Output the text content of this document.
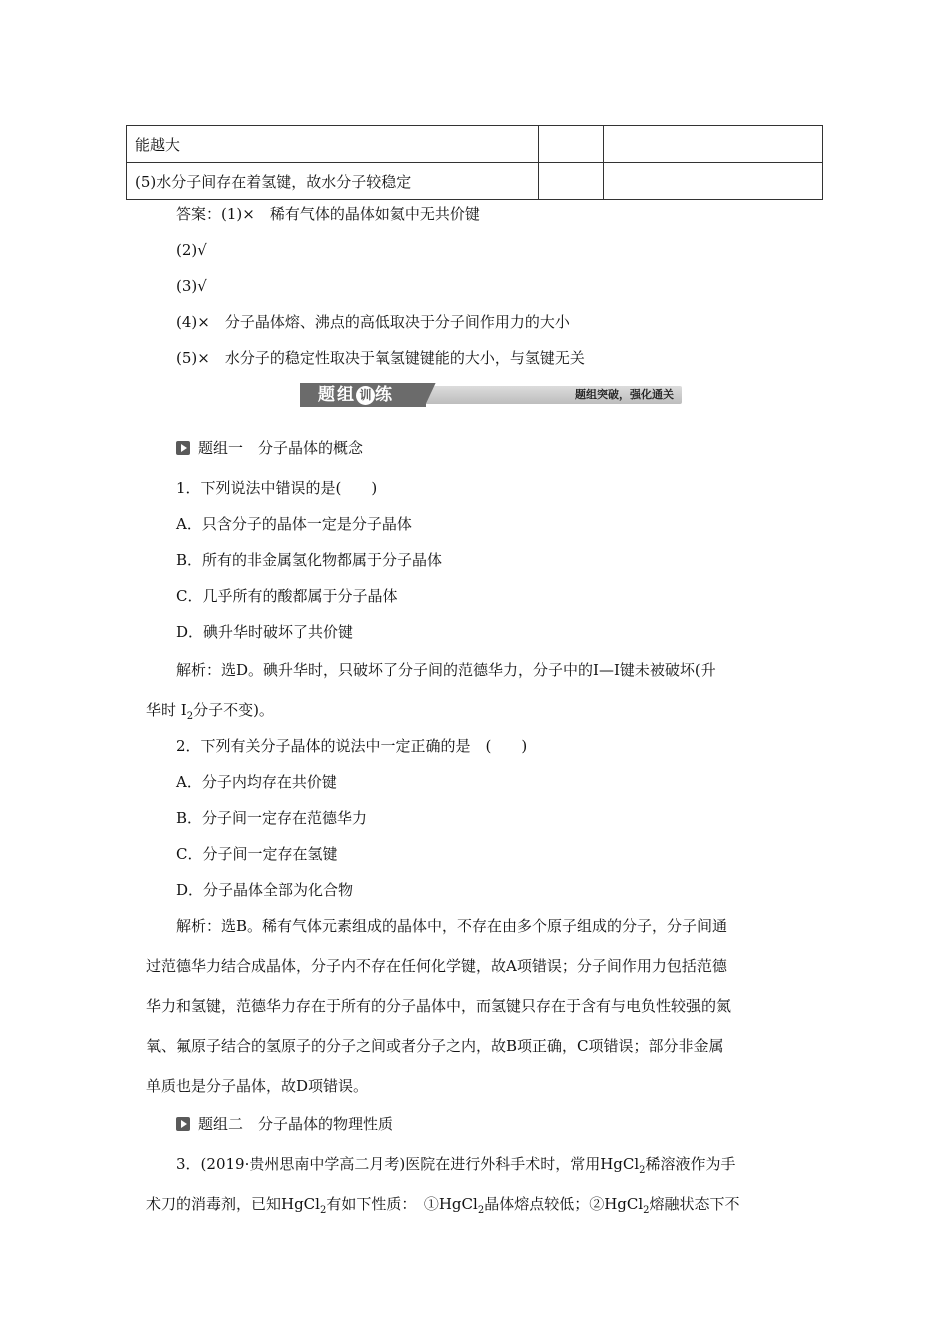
能越大		
(5)水分子间存在着氢键，故水分子较稳定		
答案：(1)×　稀有气体的晶体如氦中无共价键
(2)√
(3)√
(4)×　分子晶体熔、沸点的高低取决于分子间作用力的大小
(5)×　水分子的稳定性取决于氧氢键键能的大小，与氢键无关
题组 训 练	题组突破，强化通关
题组一　分子晶体的概念
1．下列说法中错误的是(　　)
A．只含分子的晶体一定是分子晶体
B．所有的非金属氢化物都属于分子晶体
C．几乎所有的酸都属于分子晶体
D．碘升华时破坏了共价键
解析：选D。碘升华时，只破坏了分子间的范德华力，分子中的I—I键未被破坏(升
华时 $I_2$分子不变)。
2．下列有关分子晶体的说法中一定正确的是　(　　)
A．分子内均存在共价键
B．分子间一定存在范德华力
C．分子间一定存在氢键
D．分子晶体全部为化合物
解析：选B。稀有气体元素组成的晶体中，不存在由多个原子组成的分子，分子间通
过范德华力结合成晶体，分子内不存在任何化学键，故A项错误；分子间作用力包括范德
华力和氢键，范德华力存在于所有的分子晶体中，而氢键只存在于含有与电负性较强的氮
氧、氟原子结合的氢原子的分子之间或者分子之内，故B项正确，C项错误；部分非金属
单质也是分子晶体，故D项错误。
题组二　分子晶体的物理性质
3．(2019·贵州思南中学高二月考)医院在进行外科手术时，常用HgCl$_2$稀溶液作为手
术刀的消毒剂，已知HgCl$_2$有如下性质：　①HgCl$_2$晶体熔点较低；②HgCl$_2$熔融状态下不
